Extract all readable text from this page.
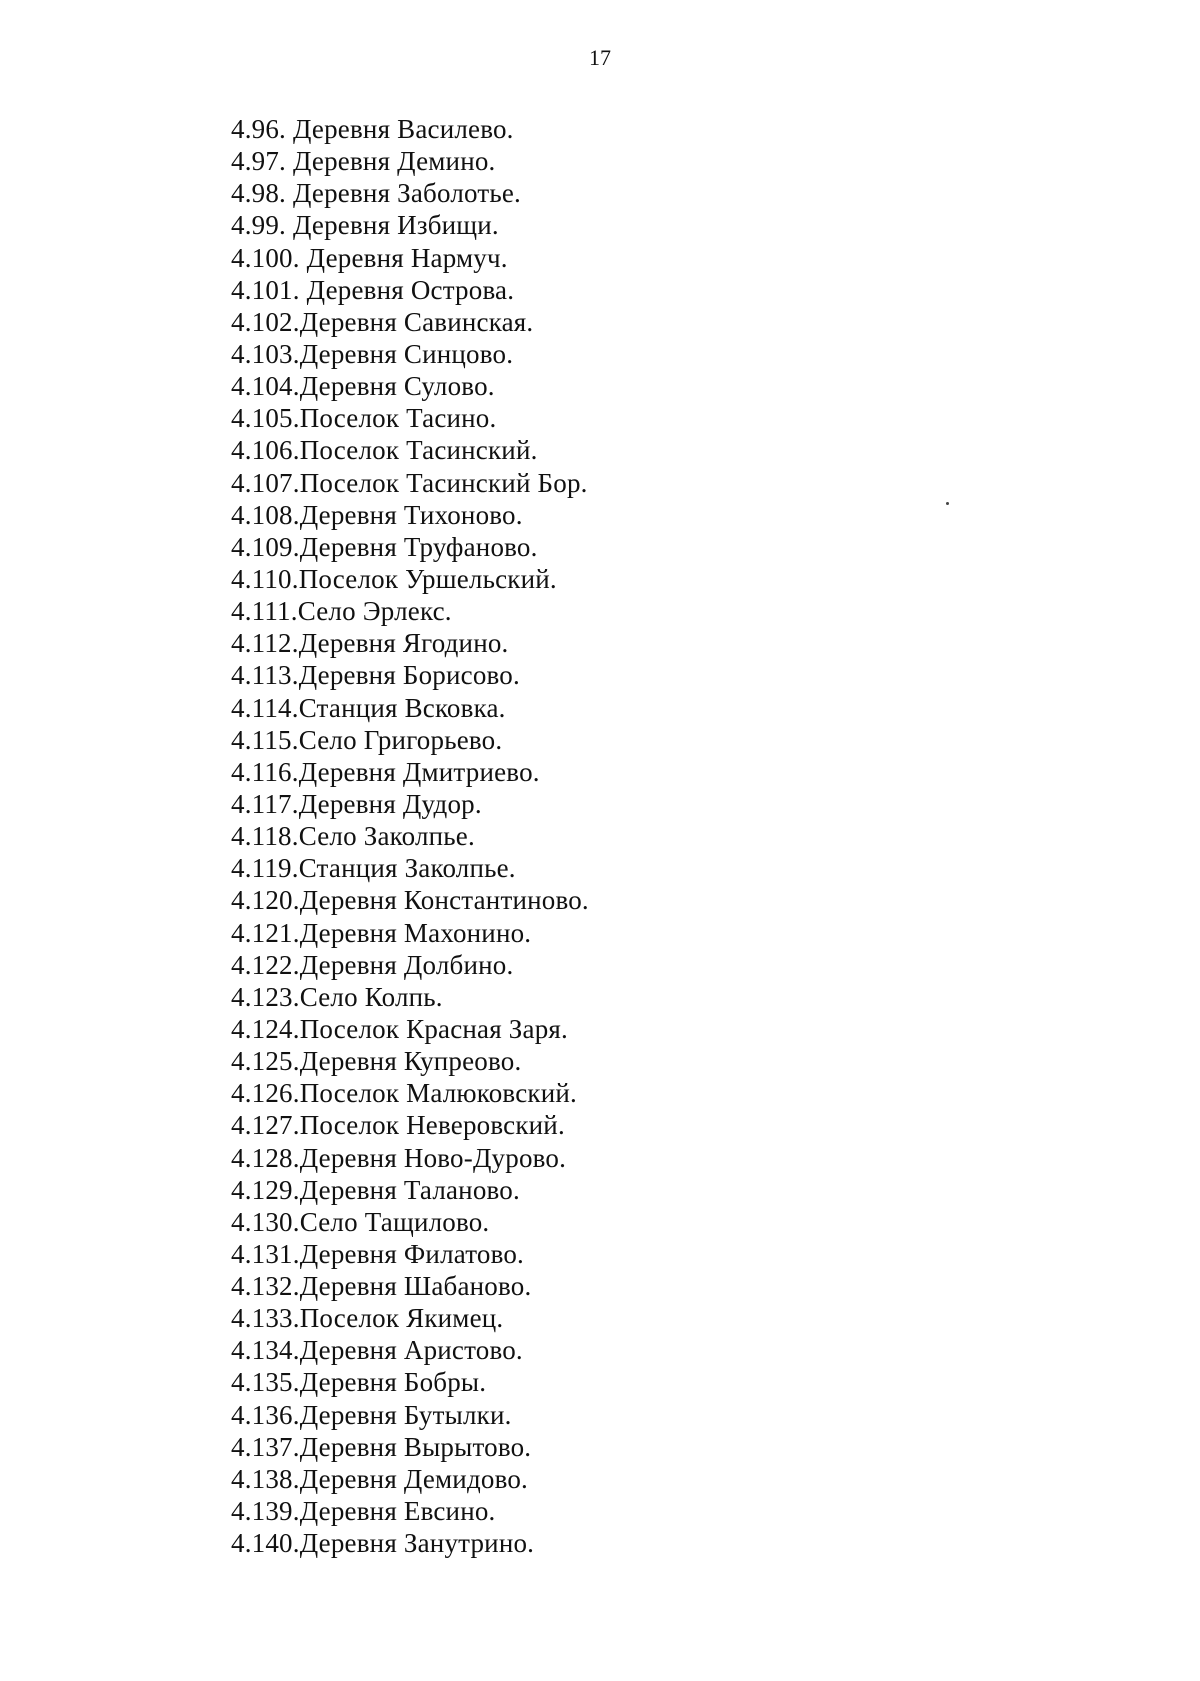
17
4.96. Деревня Василево.
4.97. Деревня Демино.
4.98. Деревня Заболотье.
4.99. Деревня Избищи.
4.100. Деревня Нармуч.
4.101. Деревня Острова.
4.102.Деревня Савинская.
4.103.Деревня Синцово.
4.104.Деревня Сулово.
4.105.Поселок Тасино.
4.106.Поселок Тасинский.
4.107.Поселок Тасинский Бор.
4.108.Деревня Тихоново.
4.109.Деревня Труфаново.
4.110.Поселок Уршельский.
4.111.Село Эрлекс.
4.112.Деревня Ягодино.
4.113.Деревня Борисово.
4.114.Станция Всковка.
4.115.Село Григорьево.
4.116.Деревня Дмитриево.
4.117.Деревня Дудор.
4.118.Село Заколпье.
4.119.Станция Заколпье.
4.120.Деревня Константиново.
4.121.Деревня Махонино.
4.122.Деревня Долбино.
4.123.Село Колпь.
4.124.Поселок Красная Заря.
4.125.Деревня Купреово.
4.126.Поселок Малюковский.
4.127.Поселок Неверовский.
4.128.Деревня Ново-Дурово.
4.129.Деревня Таланово.
4.130.Село Тащилово.
4.131.Деревня Филатово.
4.132.Деревня Шабаново.
4.133.Поселок Якимец.
4.134.Деревня Аристово.
4.135.Деревня Бобры.
4.136.Деревня Бутылки.
4.137.Деревня Вырытово.
4.138.Деревня Демидово.
4.139.Деревня Евсино.
4.140.Деревня Занутрино.
